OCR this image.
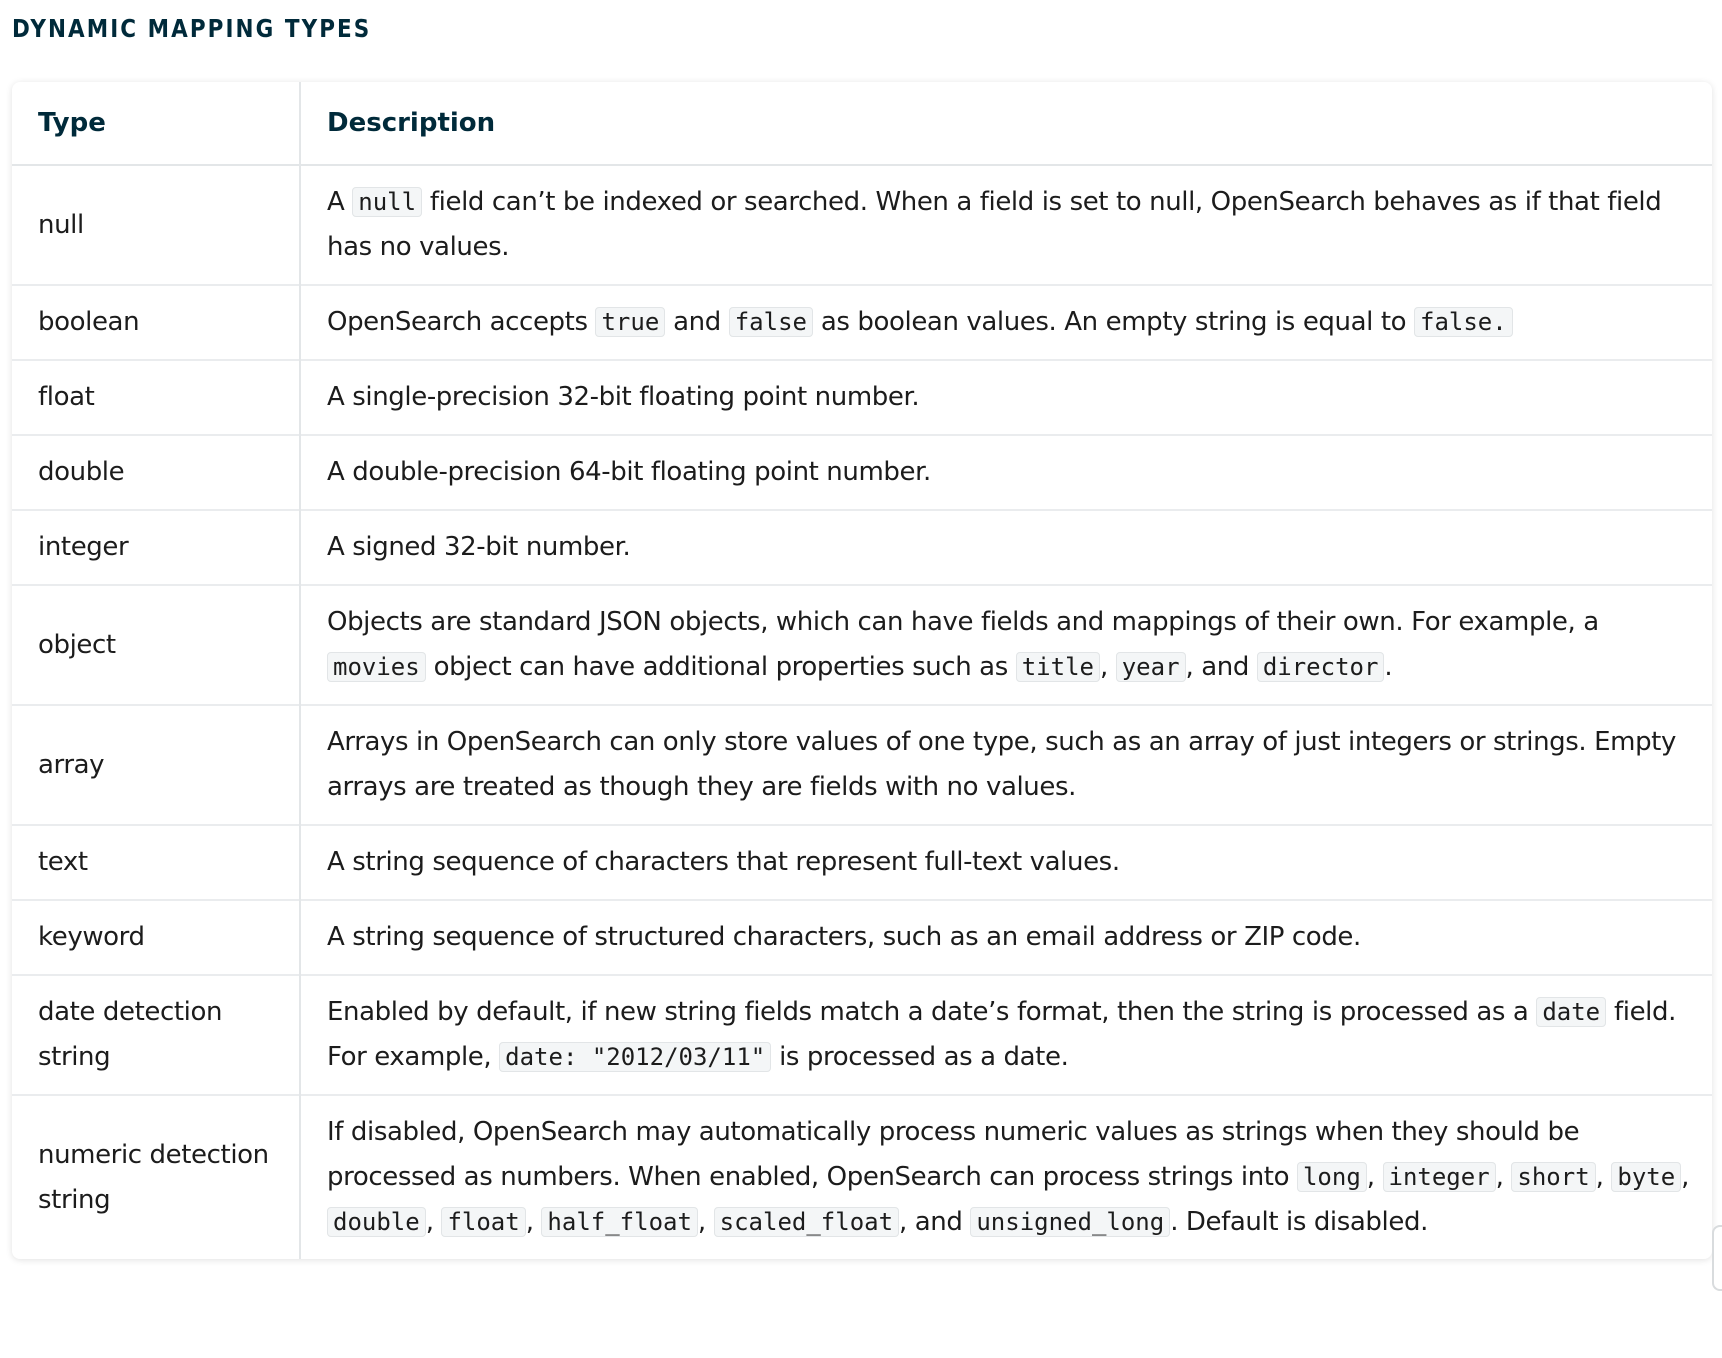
DYNAMIC MAPPING TYPES
Type	Description
null	A null field can’t be indexed or searched. When a field is set to null, OpenSearch behaves as if that field has no values.
boolean	OpenSearch accepts true and false as boolean values. An empty string is equal to false.
float	A single-precision 32-bit floating point number.
double	A double-precision 64-bit floating point number.
integer	A signed 32-bit number.
object	Objects are standard JSON objects, which can have fields and mappings of their own. For example, a movies object can have additional properties such as title , year , and director .
array	Arrays in OpenSearch can only store values of one type, such as an array of just integers or strings. Empty arrays are treated as though they are fields with no values.
text	A string sequence of characters that represent full-text values.
keyword	A string sequence of structured characters, such as an email address or ZIP code.
date detection string	Enabled by default, if new string fields match a date’s format, then the string is processed as a date field. For example, date: "2012/03/11" is processed as a date.
numeric detection string	If disabled, OpenSearch may automatically process numeric values as strings when they should be processed as numbers. When enabled, OpenSearch can process strings into long , integer , short , byte , double , float , half_float , scaled_float , and unsigned_long . Default is disabled.
